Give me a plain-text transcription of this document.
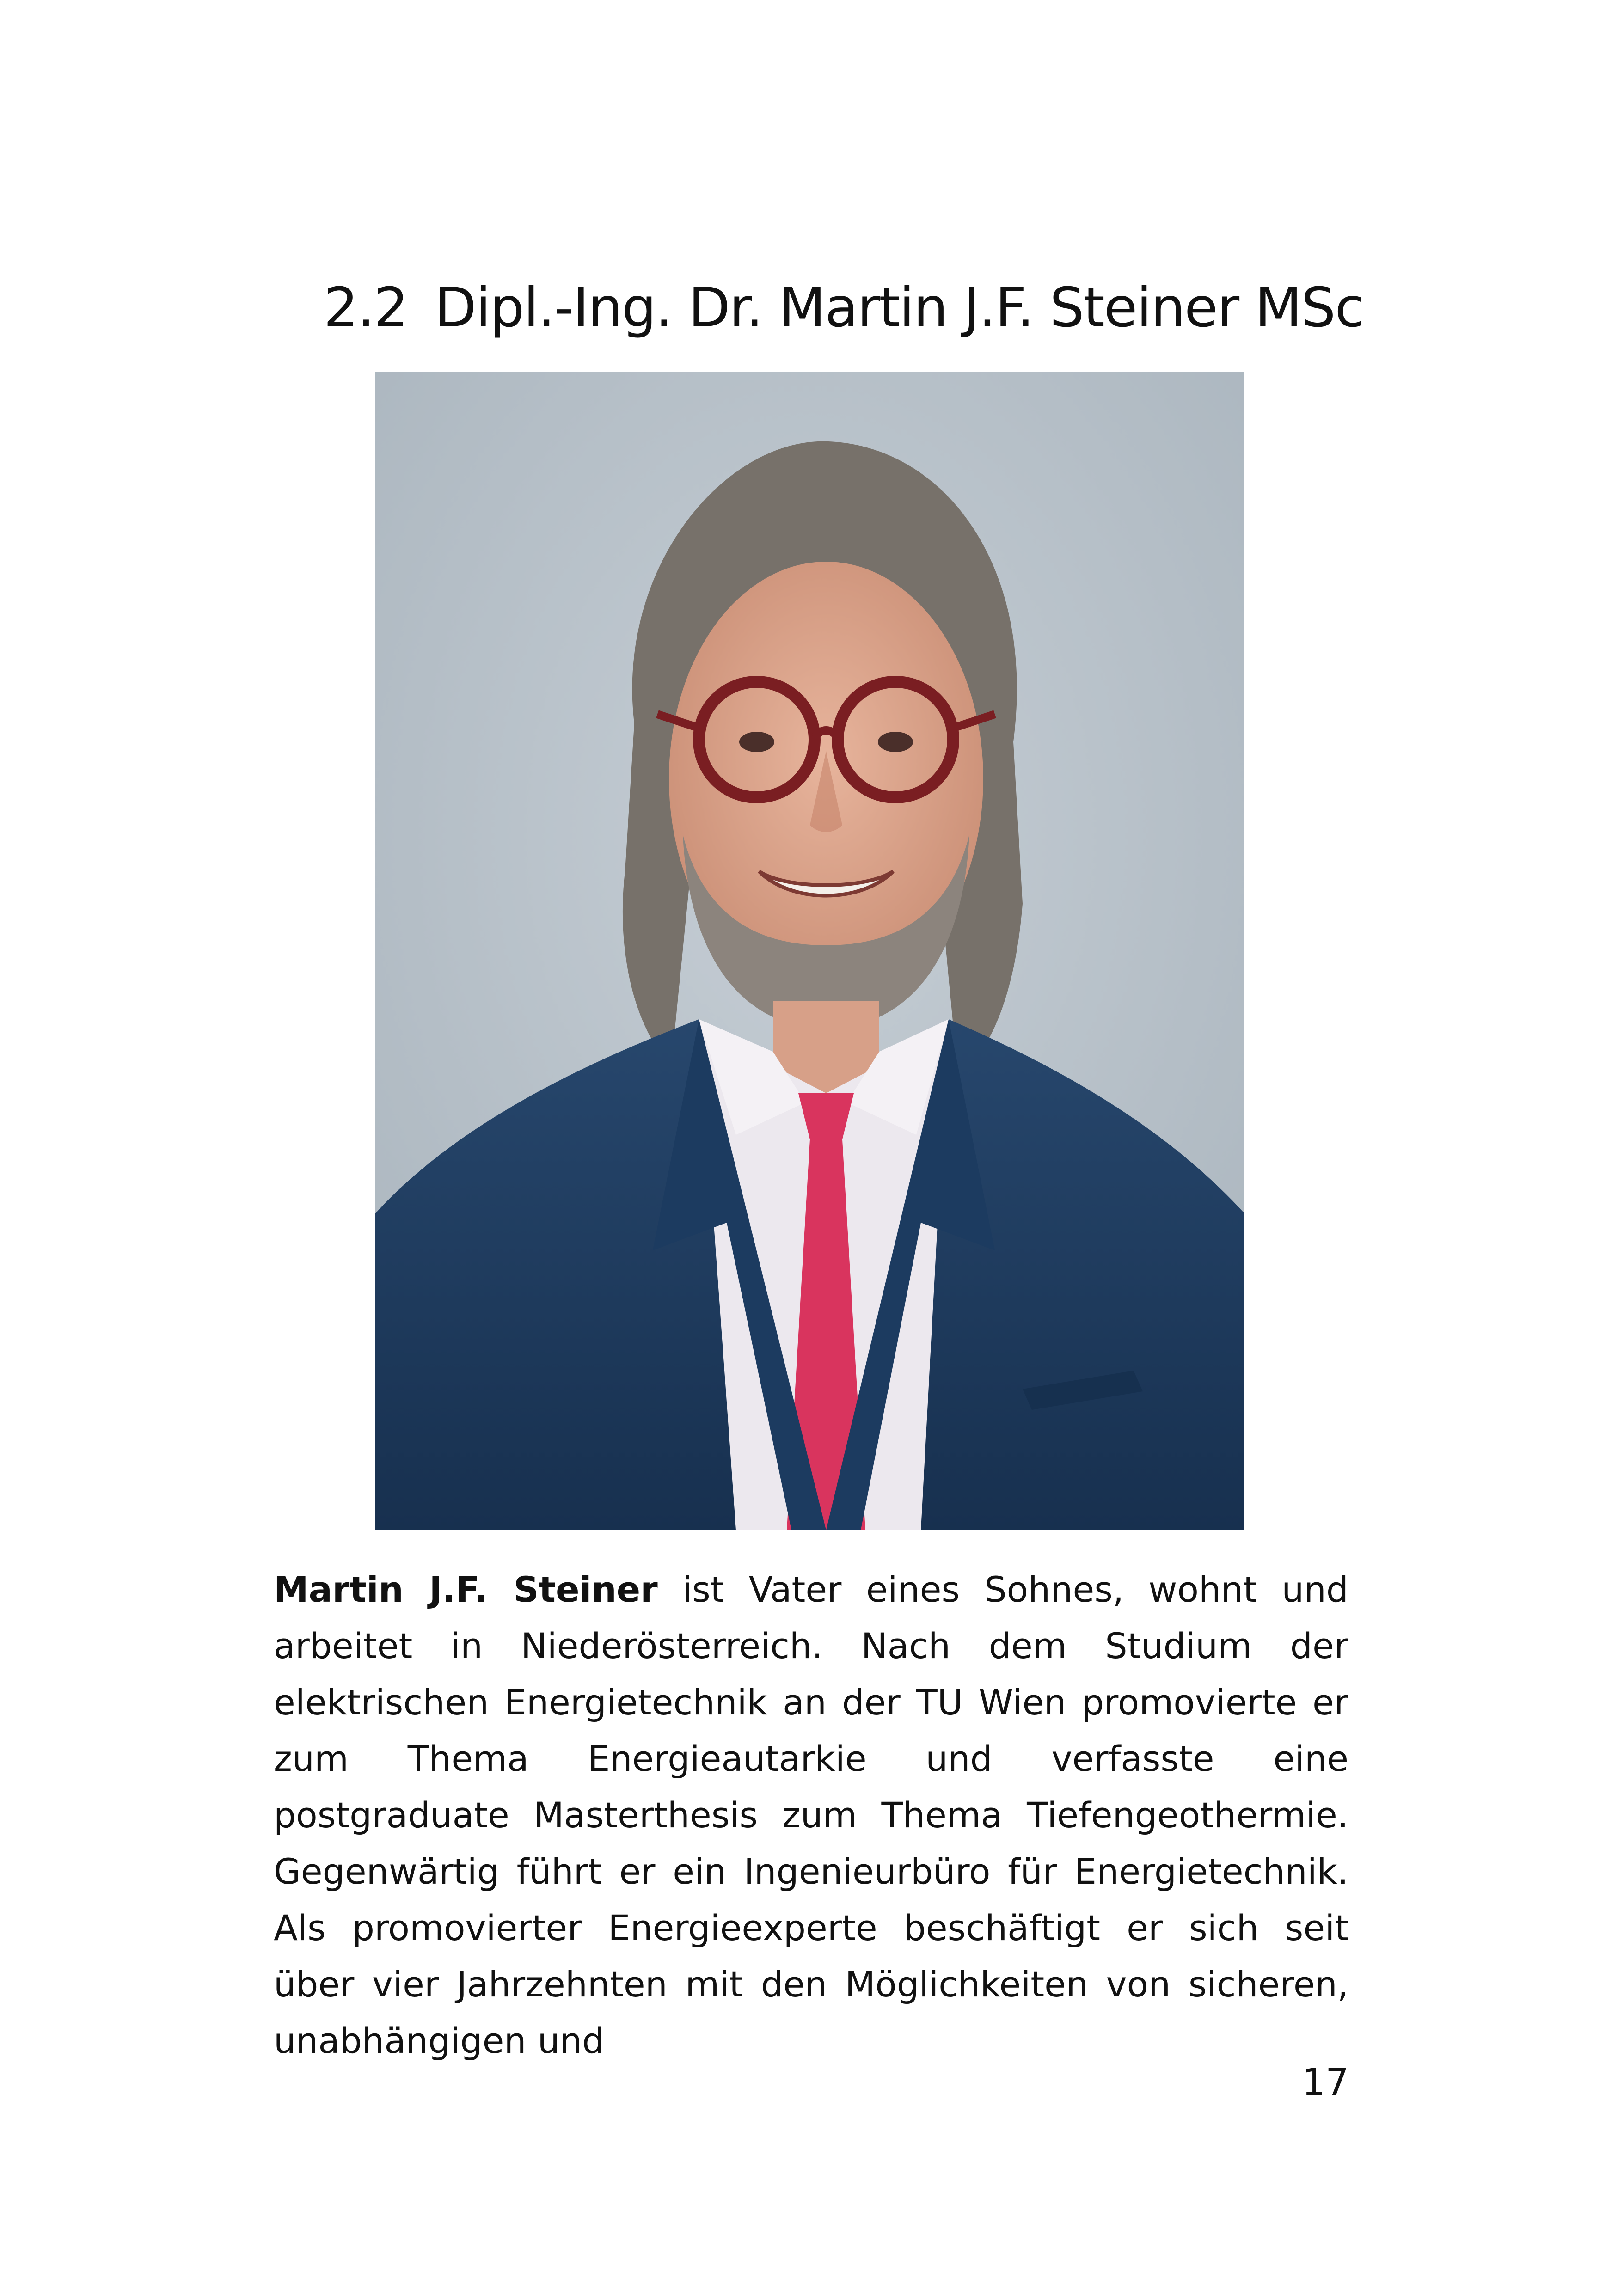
2.2 Dipl.-Ing. Dr. Martin J.F. Steiner MSc

Martin J.F. Steiner ist Vater eines Sohnes, wohnt und arbeitet in Niederösterreich. Nach dem Studium der elektrischen Energietechnik an der TU Wien promovierte er zum Thema Energieautarkie und verfasste eine postgraduate Masterthesis zum Thema Tiefengeothermie. Gegenwärtig führt er ein Ingenieurbüro für Energietechnik. Als promovierter Energieexperte beschäftigt er sich seit über vier Jahrzehnten mit den Möglichkeiten von sicheren, unabhängigen und

17
